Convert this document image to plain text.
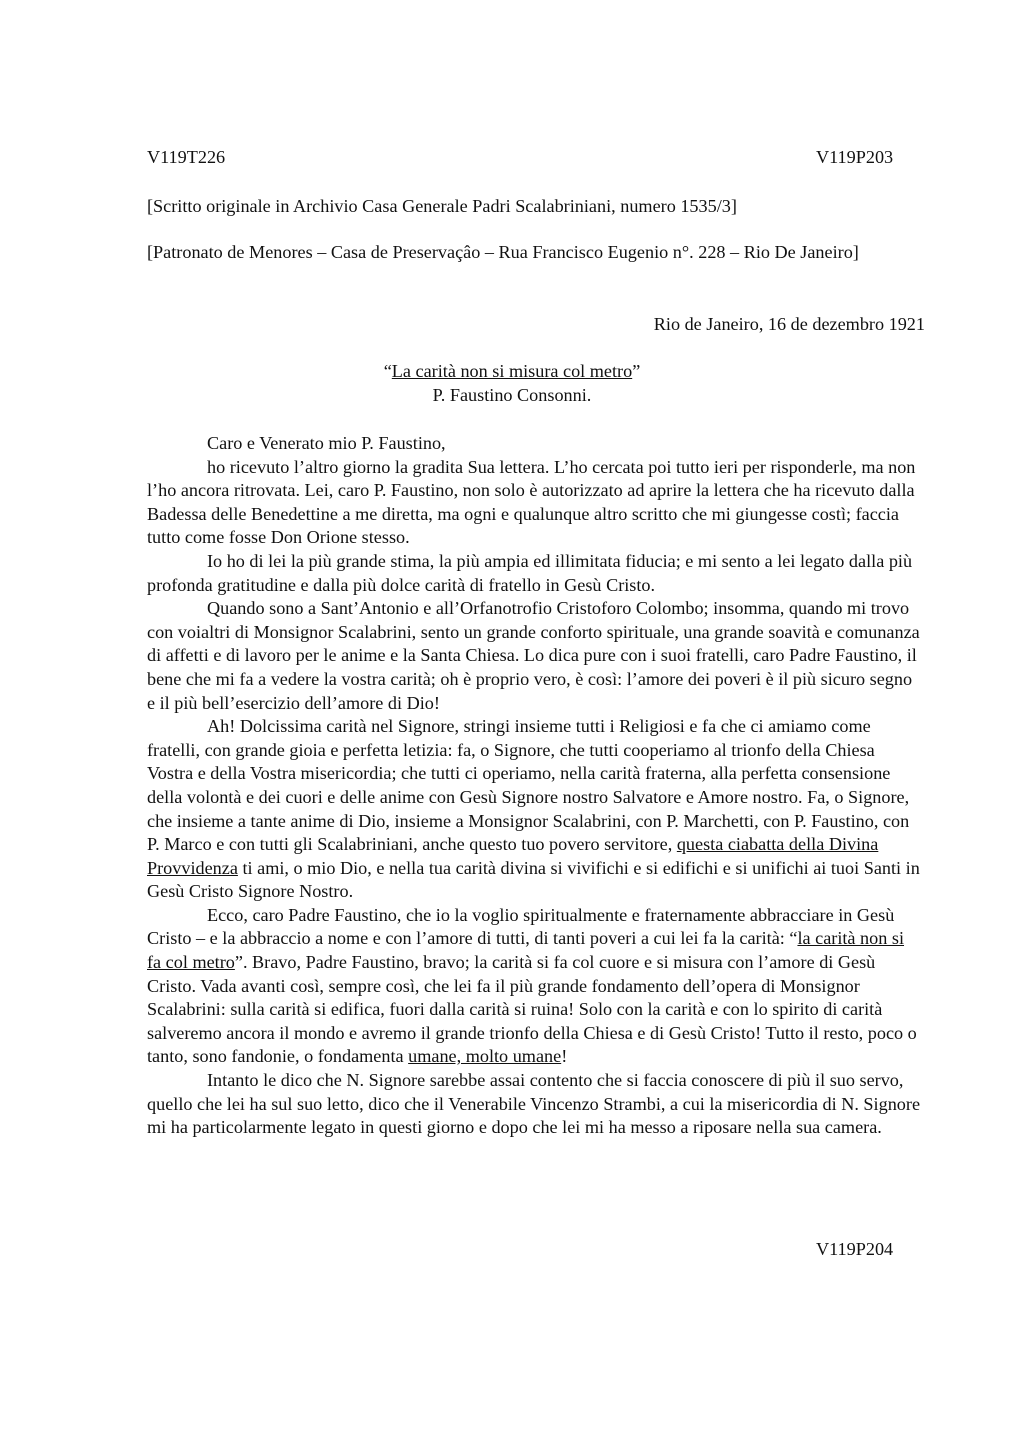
V119T226	V119P203
[Scritto originale in Archivio Casa Generale Padri Scalabriniani, numero 1535/3]
[Patronato de Menores – Casa de Preservaçâo – Rua Francisco Eugenio n°. 228 – Rio De Janeiro]
Rio de Janeiro, 16 de dezembro 1921
“La carità non si misura col metro”
P. Faustino Consonni.

Caro e Venerato mio P. Faustino,

ho ricevuto l’altro giorno la gradita Sua lettera. L’ho cercata poi tutto ieri per risponderle, ma non l’ho ancora ritrovata. Lei, caro P. Faustino, non solo è autorizzato ad aprire la lettera che ha ricevuto dalla Badessa delle Benedettine a me diretta, ma ogni e qualunque altro scritto che mi giungesse costì; faccia tutto come fosse Don Orione stesso.

Io ho di lei la più grande stima, la più ampia ed illimitata fiducia; e mi sento a lei legato dalla più profonda gratitudine e dalla più dolce carità di fratello in Gesù Cristo.

Quando sono a Sant’Antonio e all’Orfanotrofio Cristoforo Colombo; insomma, quando mi trovo con voialtri di Monsignor Scalabrini, sento un grande conforto spirituale, una grande soavità e comunanza di affetti e di lavoro per le anime e la Santa Chiesa. Lo dica pure con i suoi fratelli, caro Padre Faustino, il bene che mi fa a vedere la vostra carità; oh è proprio vero, è così: l’amore dei poveri è il più sicuro segno e il più bell’esercizio dell’amore di Dio!

Ah! Dolcissima carità nel Signore, stringi insieme tutti i Religiosi e fa che ci amiamo come fratelli, con grande gioia e perfetta letizia: fa, o Signore, che tutti cooperiamo al trionfo della Chiesa Vostra e della Vostra misericordia; che tutti ci operiamo, nella carità fraterna, alla perfetta consensione della volontà e dei cuori e delle anime con Gesù Signore nostro Salvatore e Amore nostro. Fa, o Signore, che insieme a tante anime di Dio, insieme a Monsignor Scalabrini, con P. Marchetti, con P. Faustino, con P. Marco e con tutti gli Scalabriniani, anche questo tuo povero servitore, questa ciabatta della Divina Provvidenza ti ami, o mio Dio, e nella tua carità divina si vivifichi e si edifichi e si unifichi ai tuoi Santi in Gesù Cristo Signore Nostro.

Ecco, caro Padre Faustino, che io la voglio spiritualmente e fraternamente abbracciare in Gesù Cristo – e la abbraccio a nome e con l’amore di tutti, di tanti poveri a cui lei fa la carità: “la carità non si fa col metro”. Bravo, Padre Faustino, bravo; la carità si fa col cuore e si misura con l’amore di Gesù Cristo. Vada avanti così, sempre così, che lei fa il più grande fondamento dell’opera di Monsignor Scalabrini: sulla carità si edifica, fuori dalla carità si ruina! Solo con la carità e con lo spirito di carità salveremo ancora il mondo e avremo il grande trionfo della Chiesa e di Gesù Cristo! Tutto il resto, poco o tanto, sono fandonie, o fondamenta umane, molto umane!

Intanto le dico che N. Signore sarebbe assai contento che si faccia conoscere di più il suo servo, quello che lei ha sul suo letto, dico che il Venerabile Vincenzo Strambi, a cui la misericordia di N. Signore mi ha particolarmente legato in questi giorno e dopo che lei mi ha messo a riposare nella sua camera.

V119P204
